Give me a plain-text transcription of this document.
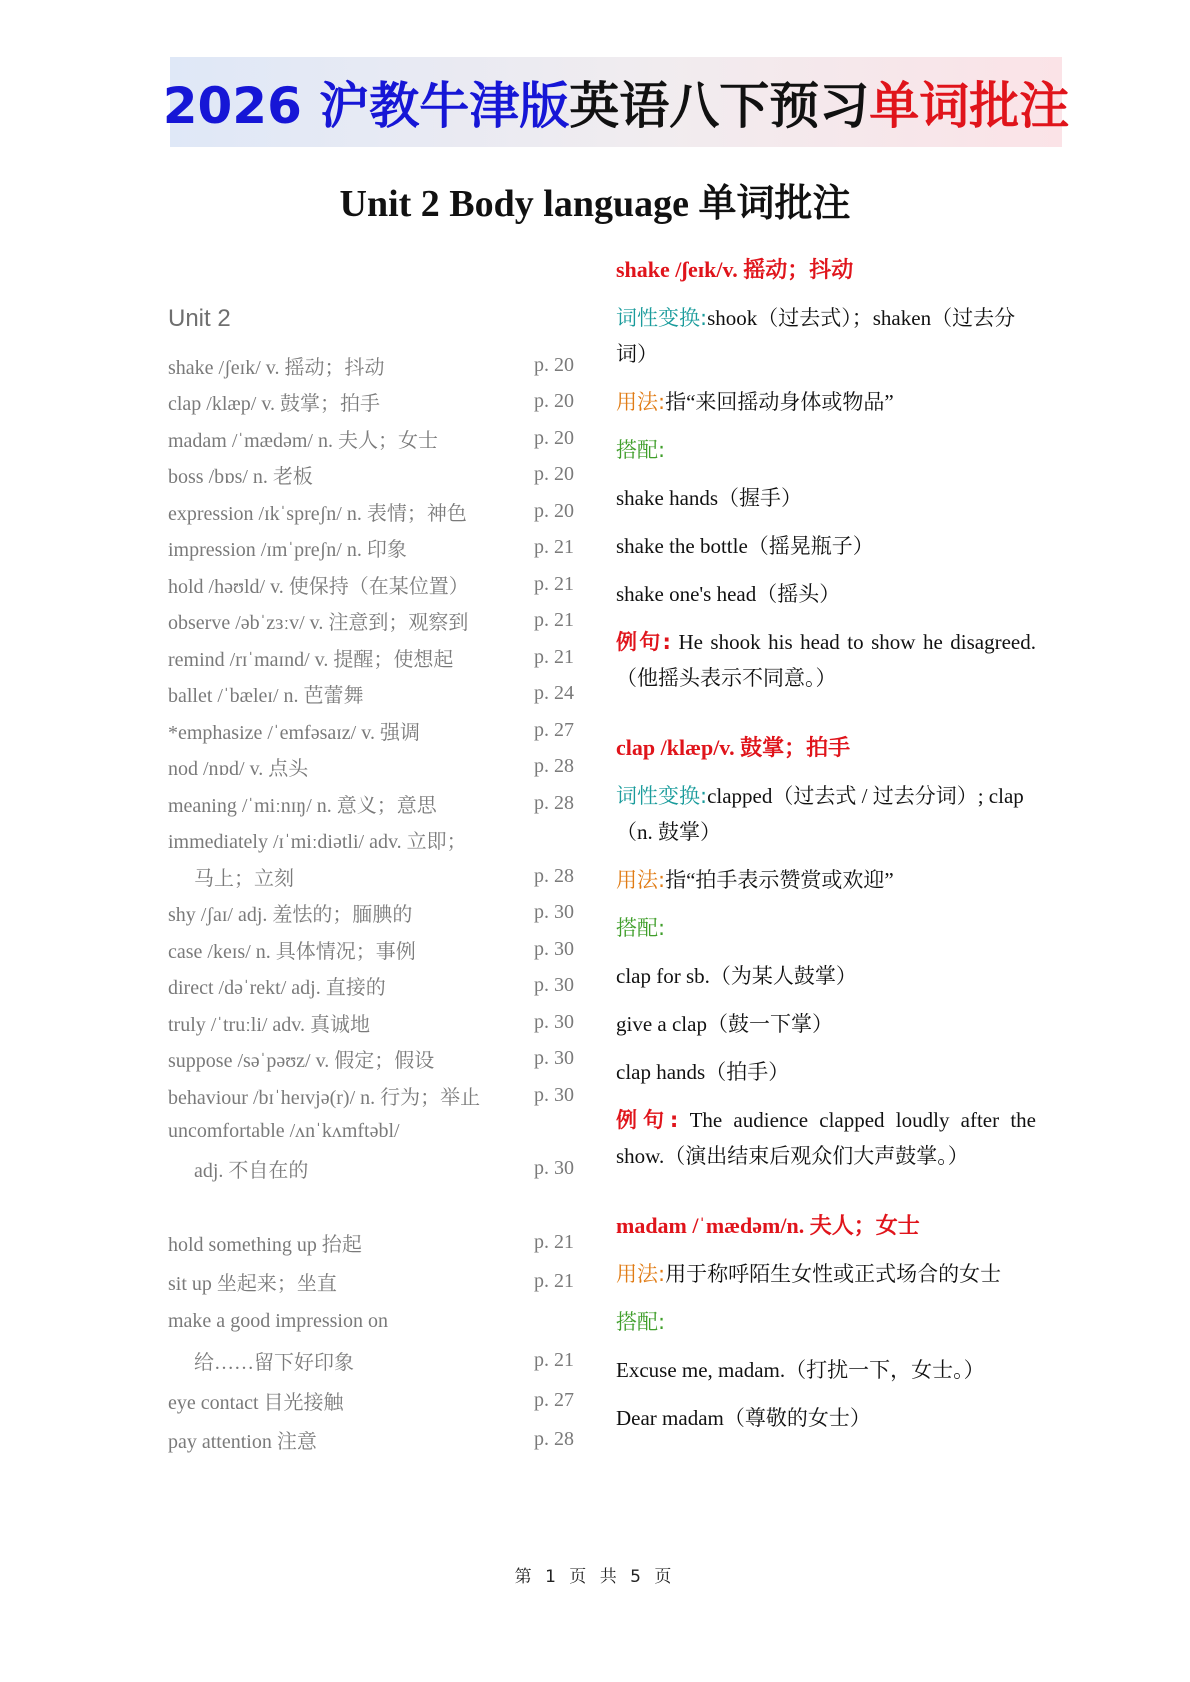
2026 沪教牛津版 英语八下预习 单词批注
Unit 2 Body language 单词批注
Unit 2
shake /ʃeɪk/ v. 摇动；抖动	p. 20
clap /klæp/ v. 鼓掌；拍手	p. 20
madam /ˈmædəm/ n. 夫人；女士	p. 20
boss /bɒs/ n. 老板	p. 20
expression /ɪkˈspreʃn/ n. 表情；神色	p. 20
impression /ɪmˈpreʃn/ n. 印象	p. 21
hold /həʊld/ v. 使保持（在某位置）	p. 21
observe /əbˈzɜːv/ v. 注意到；观察到	p. 21
remind /rɪˈmaɪnd/ v. 提醒；使想起	p. 21
ballet /ˈbæleɪ/ n. 芭蕾舞	p. 24
*emphasize /ˈemfəsaɪz/ v. 强调	p. 27
nod /nɒd/ v. 点头	p. 28
meaning /ˈmiːnɪŋ/ n. 意义；意思	p. 28
immediately /ɪˈmiːdiətli/ adv. 立即；
马上；立刻	p. 28
shy /ʃaɪ/ adj. 羞怯的；腼腆的	p. 30
case /keɪs/ n. 具体情况；事例	p. 30
direct /dəˈrekt/ adj. 直接的	p. 30
truly /ˈtruːli/ adv. 真诚地	p. 30
suppose /səˈpəʊz/ v. 假定；假设	p. 30
behaviour /bɪˈheɪvjə(r)/ n. 行为；举止	p. 30
uncomfortable /ʌnˈkʌmftəbl/
adj. 不自在的	p. 30
hold something up 抬起	p. 21
sit up 坐起来；坐直	p. 21
make a good impression on
给……留下好印象	p. 21
eye contact 目光接触	p. 27
pay attention 注意	p. 28
shake /ʃeɪk/v. 摇动；抖动
词性变换:shook（过去式）；shaken（过去分词）
用法:指“来回摇动身体或物品”
搭配:
shake hands（握手）
shake the bottle（摇晃瓶子）
shake one's head（摇头）
例句: He shook his head to show he disagreed.（他摇头表示不同意。）
clap /klæp/v. 鼓掌；拍手
词性变换:clapped（过去式 / 过去分词）; clap（n. 鼓掌）
用法:指“拍手表示赞赏或欢迎”
搭配:
clap for sb.（为某人鼓掌）
give a clap（鼓一下掌）
clap hands（拍手）
例句: The audience clapped loudly after the show.（演出结束后观众们大声鼓掌。）
madam /ˈmædəm/n. 夫人；女士
用法:用于称呼陌生女性或正式场合的女士
搭配:
Excuse me, madam.（打扰一下，女士。）
Dear madam（尊敬的女士）
第 1 页 共 5 页
